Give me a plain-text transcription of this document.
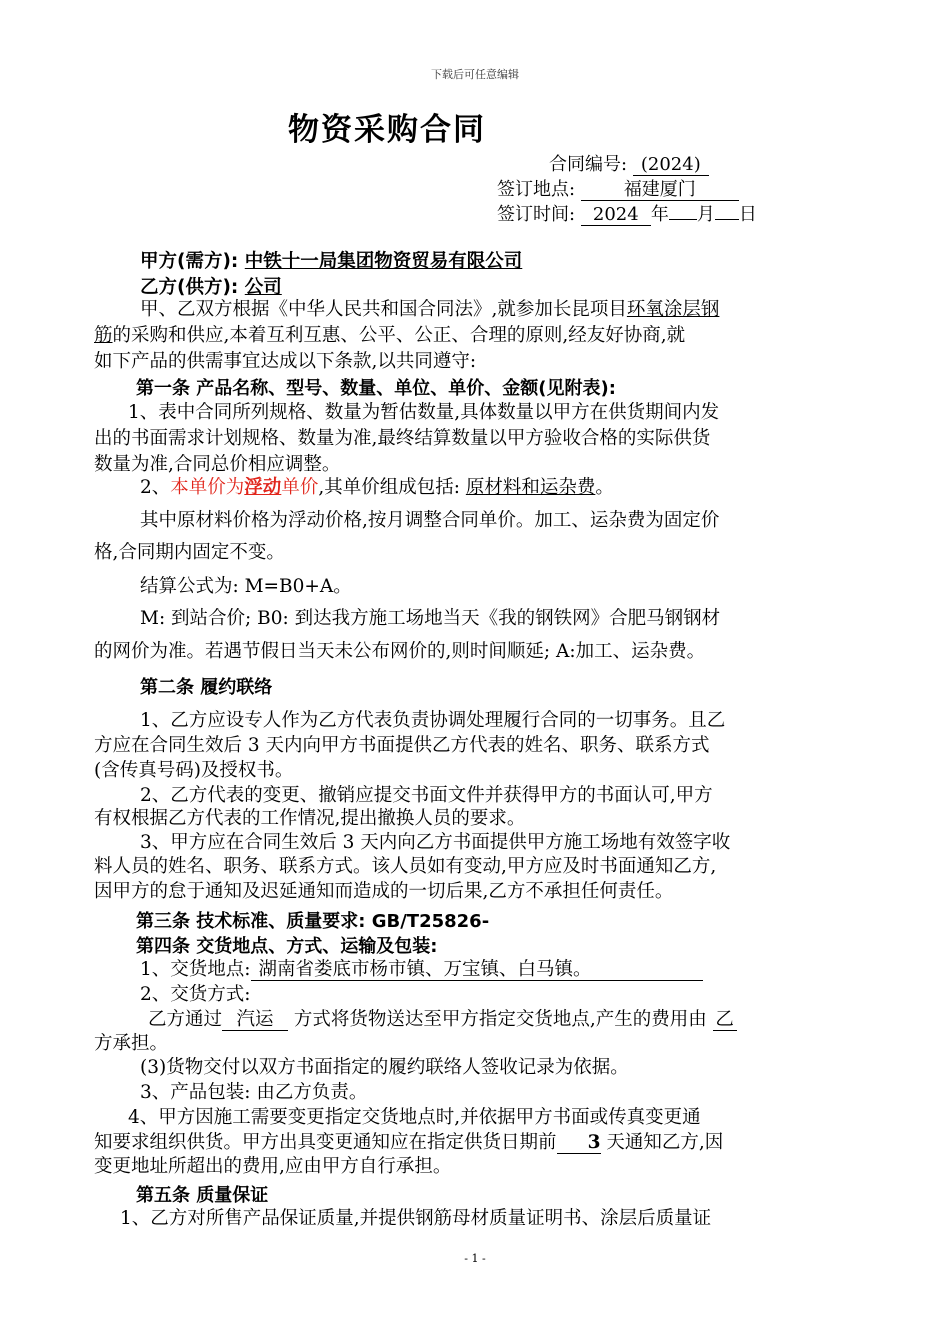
下载后可任意编辑
物资采购合同
合同编号: (2024)
签订地点:	福建厦门
签订时间: 2024 年 月 日
甲方(需方): 中铁十一局集团物资贸易有限公司
乙方(供方): 公司
甲、乙双方根据《中华人民共和国合同法》,就参加长昆项目环氧涂层钢
筋的采购和供应,本着互利互惠、公平、公正、合理的原则,经友好协商,就
如下产品的供需事宜达成以下条款,以共同遵守:
第一条 产品名称、型号、数量、单位、单价、金额(见附表):
1、表中合同所列规格、数量为暂估数量,具体数量以甲方在供货期间内发
出的书面需求计划规格、数量为准,最终结算数量以甲方验收合格的实际供货
数量为准,合同总价相应调整。
2、本单价为浮动单价,其单价组成包括: 原材料和运杂费。
其中原材料价格为浮动价格,按月调整合同单价。加工、运杂费为固定价
格,合同期内固定不变。
结算公式为: M=B0+A。
M: 到站合价; B0: 到达我方施工场地当天《我的钢铁网》合肥马钢钢材
的网价为准。若遇节假日当天未公布网价的,则时间顺延; A:加工、运杂费。
第二条 履约联络
1、乙方应设专人作为乙方代表负责协调处理履行合同的一切事务。且乙
方应在合同生效后 3 天内向甲方书面提供乙方代表的姓名、职务、联系方式
(含传真号码)及授权书。
2、乙方代表的变更、撤销应提交书面文件并获得甲方的书面认可,甲方
有权根据乙方代表的工作情况,提出撤换人员的要求。
3、甲方应在合同生效后 3 天内向乙方书面提供甲方施工场地有效签字收
料人员的姓名、职务、联系方式。该人员如有变动,甲方应及时书面通知乙方,
因甲方的怠于通知及迟延通知而造成的一切后果,乙方不承担任何责任。
第三条 技术标准、质量要求: GB/T25826-
第四条 交货地点、方式、运输及包装:
1、交货地点: 湖南省娄底市杨市镇、万宝镇、白马镇。
2、交货方式:
乙方通过 汽运 方式将货物送达至甲方指定交货地点,产生的费用由 乙
方承担。
(3)货物交付以双方书面指定的履约联络人签收记录为依据。
3、产品包装: 由乙方负责。
4、甲方因施工需要变更指定交货地点时,并依据甲方书面或传真变更通
知要求组织供货。甲方出具变更通知应在指定供货日期前 3 天通知乙方,因
变更地址所超出的费用,应由甲方自行承担。
第五条 质量保证
1、乙方对所售产品保证质量,并提供钢筋母材质量证明书、涂层后质量证
- 1 -
